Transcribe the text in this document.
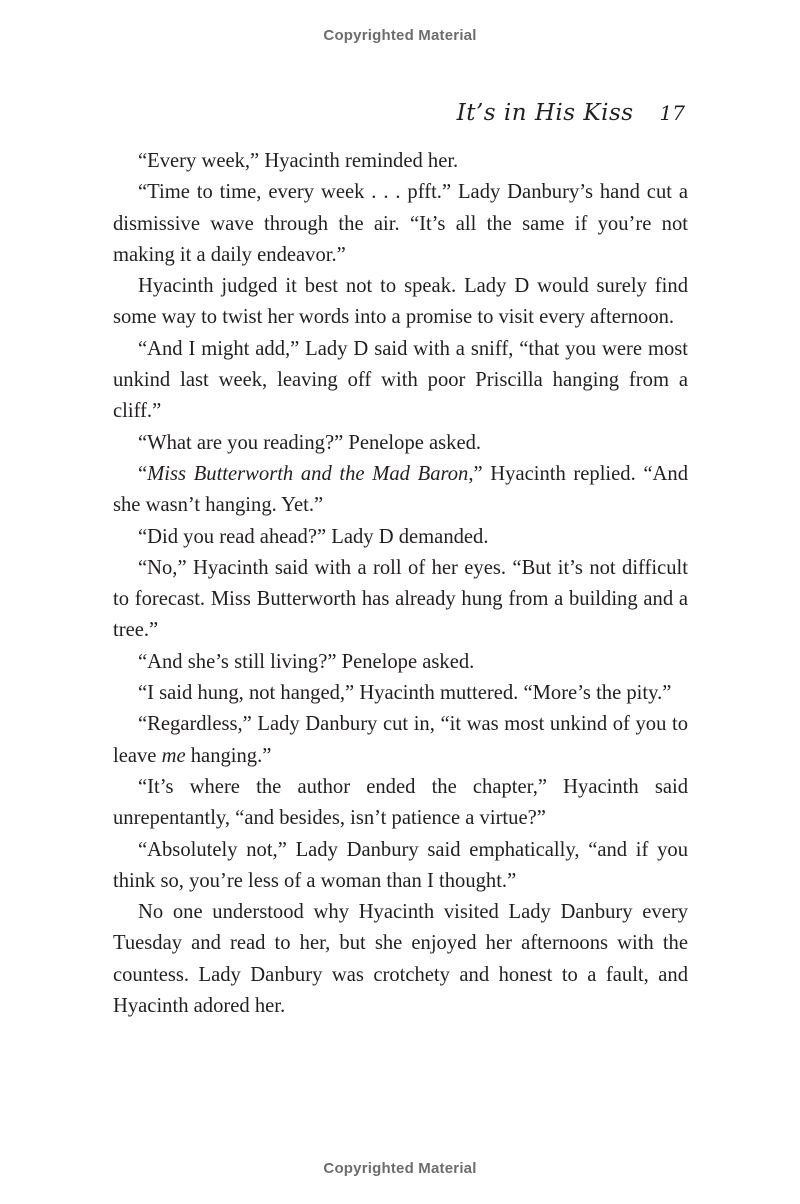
Copyrighted Material
It’s in His Kiss 17

“Every week,” Hyacinth reminded her.

“Time to time, every week . . . pfft.” Lady Danbury’s hand cut a dismissive wave through the air. “It’s all the same if you’re not making it a daily endeavor.”

Hyacinth judged it best not to speak. Lady D would surely find some way to twist her words into a promise to visit every afternoon.

“And I might add,” Lady D said with a sniff, “that you were most unkind last week, leaving off with poor Priscilla hanging from a cliff.”

“What are you reading?” Penelope asked.

“Miss Butterworth and the Mad Baron,” Hyacinth replied. “And she wasn’t hanging. Yet.”

“Did you read ahead?” Lady D demanded.

“No,” Hyacinth said with a roll of her eyes. “But it’s not difficult to forecast. Miss Butterworth has already hung from a building and a tree.”

“And she’s still living?” Penelope asked.

“I said hung, not hanged,” Hyacinth muttered. “More’s the pity.”

“Regardless,” Lady Danbury cut in, “it was most unkind of you to leave me hanging.”

“It’s where the author ended the chapter,” Hyacinth said unrepentantly, “and besides, isn’t patience a virtue?”

“Absolutely not,” Lady Danbury said emphatically, “and if you think so, you’re less of a woman than I thought.”

No one understood why Hyacinth visited Lady Danbury every Tuesday and read to her, but she enjoyed her afternoons with the countess. Lady Danbury was crotchety and honest to a fault, and Hyacinth adored her.

Copyrighted Material
